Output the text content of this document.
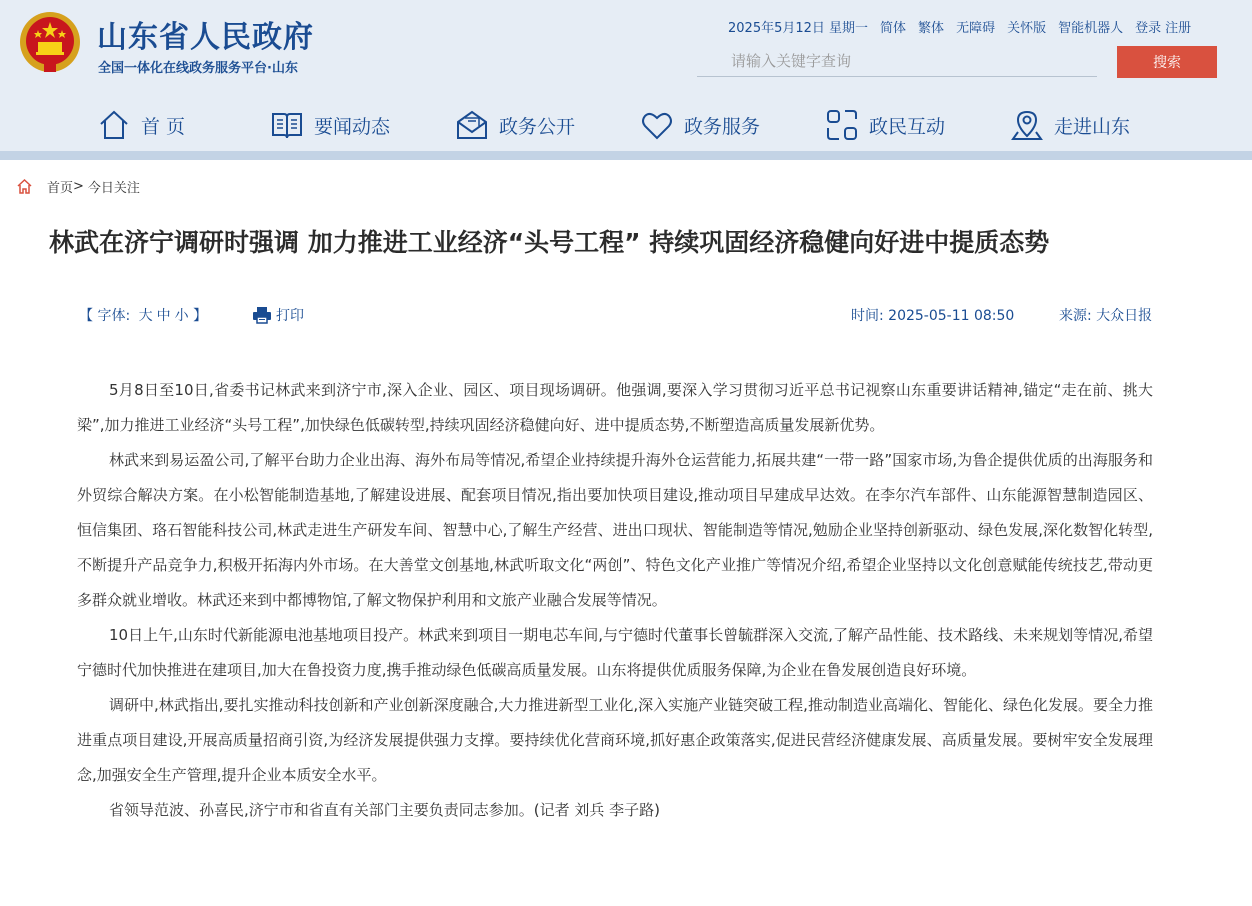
山东省人民政府
全国一体化在线政务服务平台·山东
2025年5月12日 星期一 简体 繁体 无障碍 关怀版 智能机器人 登录 注册
请输入关键字查询
搜索
首 页	要闻动态	政务公开	政务服务	政民互动	走进山东
首页 > 今日关注
林武在济宁调研时强调 加力推进工业经济“头号工程” 持续巩固经济稳健向好进中提质态势
【 字体: 大 中 小 】	打印	时间: 2025-05-11 08:50	来源: 大众日报

5月8日至10日,省委书记林武来到济宁市,深入企业、园区、项目现场调研。他强调,要深入学习贯彻习近平总书记视察山东重要讲话精神,锚定“走在前、挑大梁”,加力推进工业经济“头号工程”,加快绿色低碳转型,持续巩固经济稳健向好、进中提质态势,不断塑造高质量发展新优势。

林武来到易运盈公司,了解平台助力企业出海、海外布局等情况,希望企业持续提升海外仓运营能力,拓展共建“一带一路”国家市场,为鲁企提供优质的出海服务和外贸综合解决方案。在小松智能制造基地,了解建设进展、配套项目情况,指出要加快项目建设,推动项目早建成早达效。在李尔汽车部件、山东能源智慧制造园区、恒信集团、珞石智能科技公司,林武走进生产研发车间、智慧中心,了解生产经营、进出口现状、智能制造等情况,勉励企业坚持创新驱动、绿色发展,深化数智化转型,不断提升产品竞争力,积极开拓海内外市场。在大善堂文创基地,林武听取文化“两创”、特色文化产业推广等情况介绍,希望企业坚持以文化创意赋能传统技艺,带动更多群众就业增收。林武还来到中都博物馆,了解文物保护利用和文旅产业融合发展等情况。

10日上午,山东时代新能源电池基地项目投产。林武来到项目一期电芯车间,与宁德时代董事长曾毓群深入交流,了解产品性能、技术路线、未来规划等情况,希望宁德时代加快推进在建项目,加大在鲁投资力度,携手推动绿色低碳高质量发展。山东将提供优质服务保障,为企业在鲁发展创造良好环境。

调研中,林武指出,要扎实推动科技创新和产业创新深度融合,大力推进新型工业化,深入实施产业链突破工程,推动制造业高端化、智能化、绿色化发展。要全力推进重点项目建设,开展高质量招商引资,为经济发展提供强力支撑。要持续优化营商环境,抓好惠企政策落实,促进民营经济健康发展、高质量发展。要树牢安全发展理念,加强安全生产管理,提升企业本质安全水平。

省领导范波、孙喜民,济宁市和省直有关部门主要负责同志参加。(记者 刘兵 李子路)
